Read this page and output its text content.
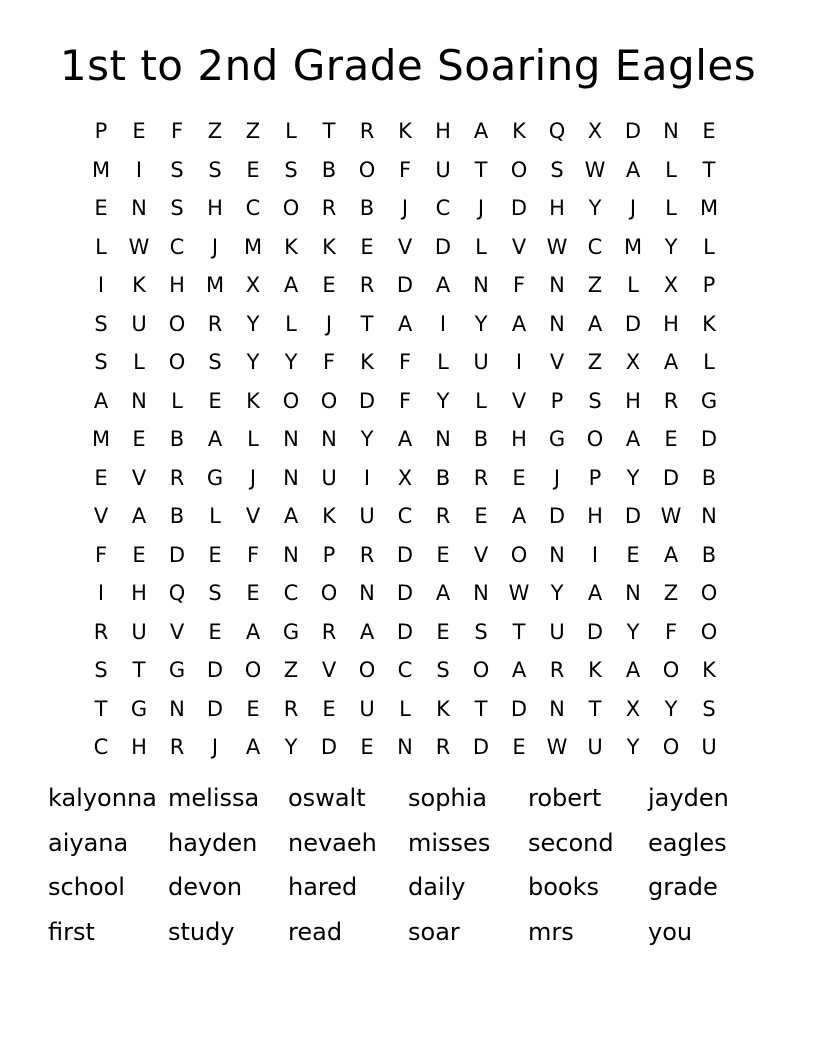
1st to 2nd Grade Soaring Eagles
P	E	F	Z	Z	L	T	R	K	H	A	K	Q	X	D	N	E
M	I	S	S	E	S	B	O	F	U	T	O	S W A	L	T
E	N	S	H	C	O	R	B	J	C	J	D	H	Y	J	L	M
L	W C	J	M	K	K	E	V	D	L	V W C	M	Y	L
I	K	H	M	X	A	E	R	D	A	N	F	N	Z	L	X	P
S	U	O	R	Y	L	J	T	A	I	Y	A	N	A	D	H	K
S	L	O	S	Y	Y	F	K	F	L	U	I	V	Z	X	A	L
A	N	L	E	K	O	O	D	F	Y	L	V	P	S	H	R	G
M	E	B	A	L	N	N	Y	A	N	B	H	G	O	A	E	D
E	V	R	G	J	N	U	I	X	B	R	E	J	P	Y	D	B
V	A	B	L	V	A	K	U	C	R	E	A	D	H	D W N
F	E	D	E	F	N	P	R	D	E	V	O	N	I	E	A	B
I	H	Q	S	E	C	O	N	D	A	N W	Y	A	N	Z	O
R	U	V	E	A	G	R	A	D	E	S	T	U	D	Y	F	O
S	T	G	D	O	Z	V	O	C	S	O	A	R	K	A	O	K
T	G	N	D	E	R	E	U	L	K	T	D	N	T	X	Y	S
C	H	R	J	A	Y	D	E	N	R	D	E W U	Y	O	U
kalyonna melissa	oswalt	sophia	robert	jayden
aiyana	hayden	nevaeh	misses	second	eagles
school	devon	hared	daily	books	grade
first	study	read	soar	mrs	you
